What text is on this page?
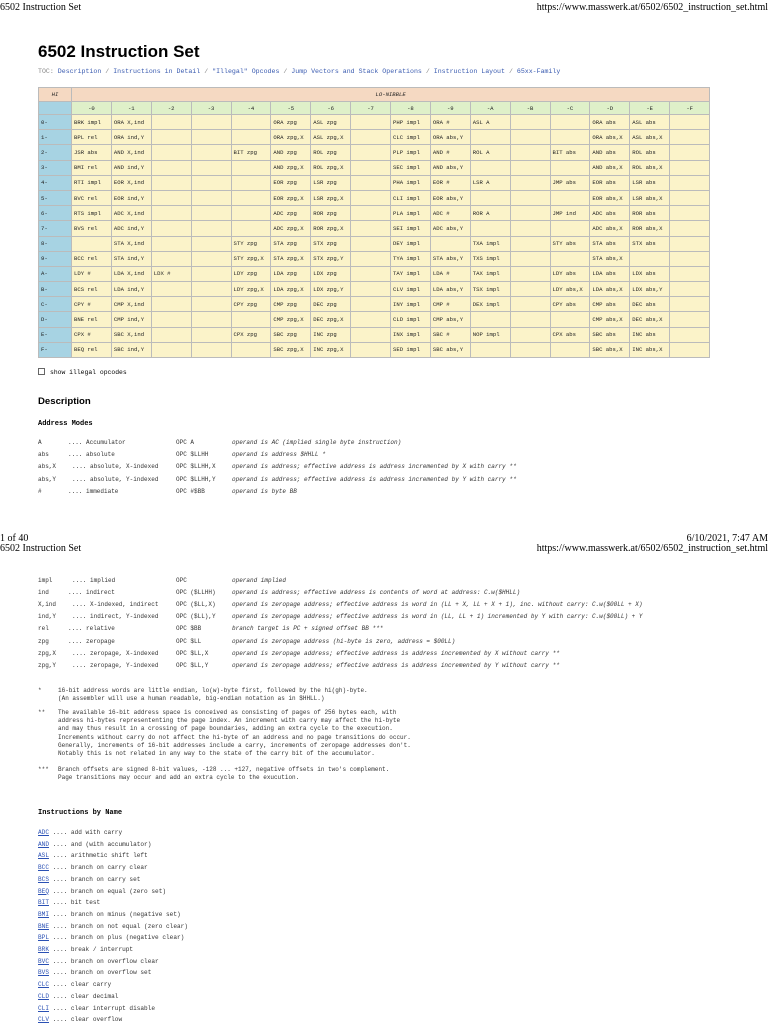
6502 Instruction Set	https://www.masswerk.at/6502/6502_instruction_set.html
6502 Instruction Set
TOC: Description / Instructions in Detail / "Illegal" Opcodes / Jump Vectors and Stack Operations / Instruction Layout / 65xx-Family
HI	LO-NIBBLE															
	-0	-1	-2	-3	-4	-5	-6	-7	-8	-9	-A	-B	-C	-D	-E	-F
0-	BRK impl	ORA X,ind				ORA zpg	ASL zpg		PHP impl	ORA #	ASL A			ORA abs	ASL abs	
1-	BPL rel	ORA ind,Y				ORA zpg,X	ASL zpg,X		CLC impl	ORA abs,Y				ORA abs,X	ASL abs,X	
2-	JSR abs	AND X,ind			BIT zpg	AND zpg	ROL zpg		PLP impl	AND #	ROL A		BIT abs	AND abs	ROL abs	
3-	BMI rel	AND ind,Y				AND zpg,X	ROL zpg,X		SEC impl	AND abs,Y				AND abs,X	ROL abs,X	
4-	RTI impl	EOR X,ind				EOR zpg	LSR zpg		PHA impl	EOR #	LSR A		JMP abs	EOR abs	LSR abs	
5-	BVC rel	EOR ind,Y				EOR zpg,X	LSR zpg,X		CLI impl	EOR abs,Y				EOR abs,X	LSR abs,X	
6-	RTS impl	ADC X,ind				ADC zpg	ROR zpg		PLA impl	ADC #	ROR A		JMP ind	ADC abs	ROR abs	
7-	BVS rel	ADC ind,Y				ADC zpg,X	ROR zpg,X		SEI impl	ADC abs,Y				ADC abs,X	ROR abs,X	
8-		STA X,ind			STY zpg	STA zpg	STX zpg		DEY impl		TXA impl		STY abs	STA abs	STX abs	
9-	BCC rel	STA ind,Y			STY zpg,X	STA zpg,X	STX zpg,Y		TYA impl	STA abs,Y	TXS impl			STA abs,X		
A-	LDY #	LDA X,ind	LDX #		LDY zpg	LDA zpg	LDX zpg		TAY impl	LDA #	TAX impl		LDY abs	LDA abs	LDX abs	
B-	BCS rel	LDA ind,Y			LDY zpg,X	LDA zpg,X	LDX zpg,Y		CLV impl	LDA abs,Y	TSX impl		LDY abs,X	LDA abs,X	LDX abs,Y	
C-	CPY #	CMP X,ind			CPY zpg	CMP zpg	DEC zpg		INY impl	CMP #	DEX impl		CPY abs	CMP abs	DEC abs	
D-	BNE rel	CMP ind,Y				CMP zpg,X	DEC zpg,X		CLD impl	CMP abs,Y				CMP abs,X	DEC abs,X	
E-	CPX #	SBC X,ind			CPX zpg	SBC zpg	INC zpg		INX impl	SBC #	NOP impl		CPX abs	SBC abs	INC abs	
F-	BEQ rel	SBC ind,Y				SBC zpg,X	INC zpg,X		SED impl	SBC abs,Y				SBC abs,X	INC abs,X	
show illegal opcodes
Description
Address Modes
A	.... Accumulator	OPC A	operand is AC (implied single byte instruction)
abs	.... absolute	OPC $LLHH	operand is address $HHLL *
abs,X	.... absolute, X-indexed	OPC $LLHH,X	operand is address; effective address is address incremented by X with carry **
abs,Y	.... absolute, Y-indexed	OPC $LLHH,Y	operand is address; effective address is address incremented by Y with carry **
#	.... immediate	OPC #$BB	operand is byte BB
1 of 40	6/10/2021, 7:47 AM
6502 Instruction Set	https://www.masswerk.at/6502/6502_instruction_set.html
impl	.... implied	OPC	operand implied
ind	.... indirect	OPC ($LLHH)	operand is address; effective address is contents of word at address: C.w($HHLL)
X,ind	.... X-indexed, indirect	OPC ($LL,X)	operand is zeropage address; effective address is word in (LL + X, LL + X + 1), inc. without carry: C.w($00LL + X)
ind,Y	.... indirect, Y-indexed	OPC ($LL),Y	operand is zeropage address; effective address is word in (LL, LL + 1) incremented by Y with carry: C.w($00LL) + Y
rel	.... relative	OPC $BB	branch target is PC + signed offset BB ***
zpg	.... zeropage	OPC $LL	operand is zeropage address (hi-byte is zero, address = $00LL)
zpg,X	.... zeropage, X-indexed	OPC $LL,X	operand is zeropage address; effective address is address incremented by X without carry **
zpg,Y	.... zeropage, Y-indexed	OPC $LL,Y	operand is zeropage address; effective address is address incremented by Y without carry **
*	16-bit address words are little endian, lo(w)-byte first, followed by the hi(gh)-byte.
(An assembler will use a human readable, big-endian notation as in $HHLL.)
** The available 16-bit address space is conceived as consisting of pages of 256 bytes each, with
address hi-bytes represententing the page index. An increment with carry may affect the hi-byte
and may thus result in a crossing of page boundaries, adding an extra cycle to the execution.
Increments without carry do not affect the hi-byte of an address and no page transitions do occur.
Generally, increments of 16-bit addresses include a carry, increments of zeropage addresses don't.
Notably this is not related in any way to the state of the carry bit of the accumulator.
*** Branch offsets are signed 8-bit values, -128 ... +127, negative offsets in two's complement.
Page transitions may occur and add an extra cycle to the exucution.
Instructions by Name
ADC .... add with carry
AND .... and (with accumulator)
ASL .... arithmetic shift left
BCC .... branch on carry clear
BCS .... branch on carry set
BEQ .... branch on equal (zero set)
BIT .... bit test
BMI .... branch on minus (negative set)
BNE .... branch on not equal (zero clear)
BPL .... branch on plus (negative clear)
BRK .... break / interrupt
BVC .... branch on overflow clear
BVS .... branch on overflow set
CLC .... clear carry
CLD .... clear decimal
CLI .... clear interrupt disable
CLV .... clear overflow
